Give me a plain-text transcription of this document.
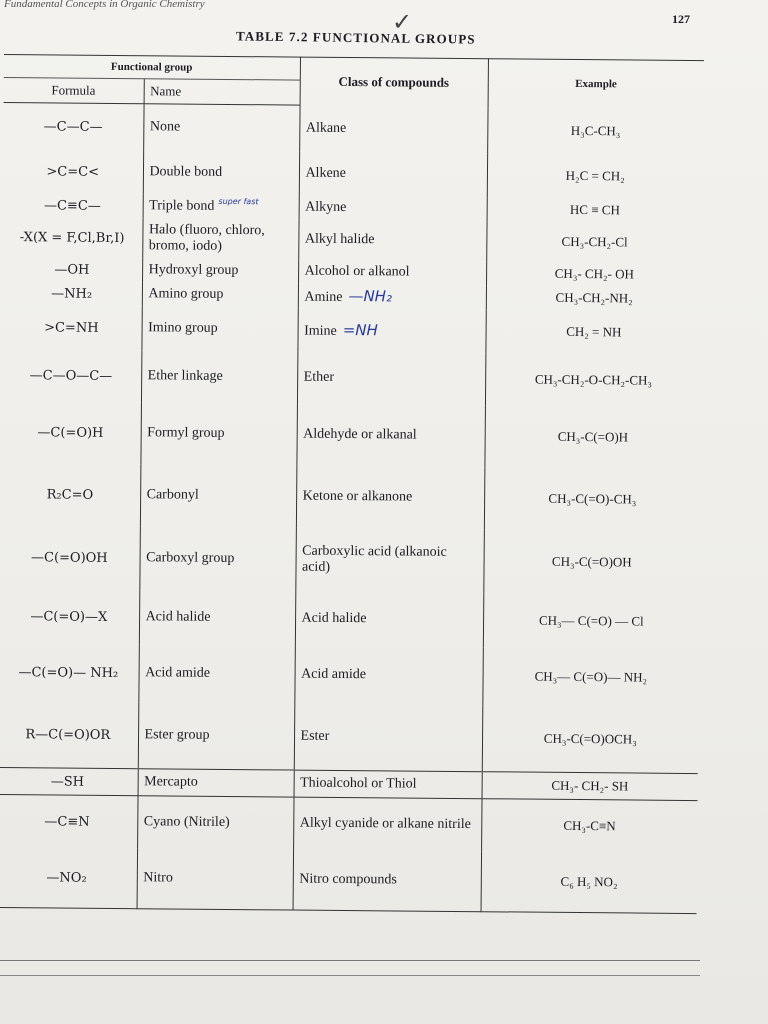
Fundamental Concepts in Organic Chemistry
✓	127
TABLE 7.2 FUNCTIONAL GROUPS
Functional group		Class of compounds	Example
Formula	Name		
—C—C—	None	Alkane	H₃C-CH₃
>C=C<	Double bond	Alkene	H₂C = CH₂
—C≡C—	Triple bond $^{super fast}$	Alkyne	HC ≡ CH
-X(X = F,Cl,Br,I)	Halo (fluoro, chloro, bromo, iodo)	Alkyl halide	CH₃-CH₂-Cl
—OH	Hydroxyl group	Alcohol or alkanol	CH₃- CH₂- OH
—NH₂	Amino group	Amine —NH₂	CH₃-CH₂-NH₂
>C=NH	Imino group	Imine =NH	CH₂ = NH
—C—O—C—	Ether linkage	Ether	CH₃-CH₂-O-CH₂-CH₃
—C(=O)H	Formyl group	Aldehyde or alkanal	CH₃-C(=O)H
R₂C=O	Carbonyl	Ketone or alkanone	CH₃-C(=O)-CH₃
—C(=O)OH	Carboxyl group	Carboxylic acid (alkanoic acid)	CH₃-C(=O)OH
—C(=O)—X	Acid halide	Acid halide	CH₃— C(=O) — Cl
—C(=O)— NH₂	Acid amide	Acid amide	CH₃— C(=O)— NH₂
R—C(=O)OR	Ester group	Ester	CH₃-C(=O)OCH₃
—SH	Mercapto	Thioalcohol or Thiol	CH₃- CH₂- SH
—C≡N	Cyano (Nitrile)	Alkyl cyanide or alkane nitrile	CH₃-C≡N
—NO₂	Nitro	Nitro compounds	C₆ H₅ NO₂
